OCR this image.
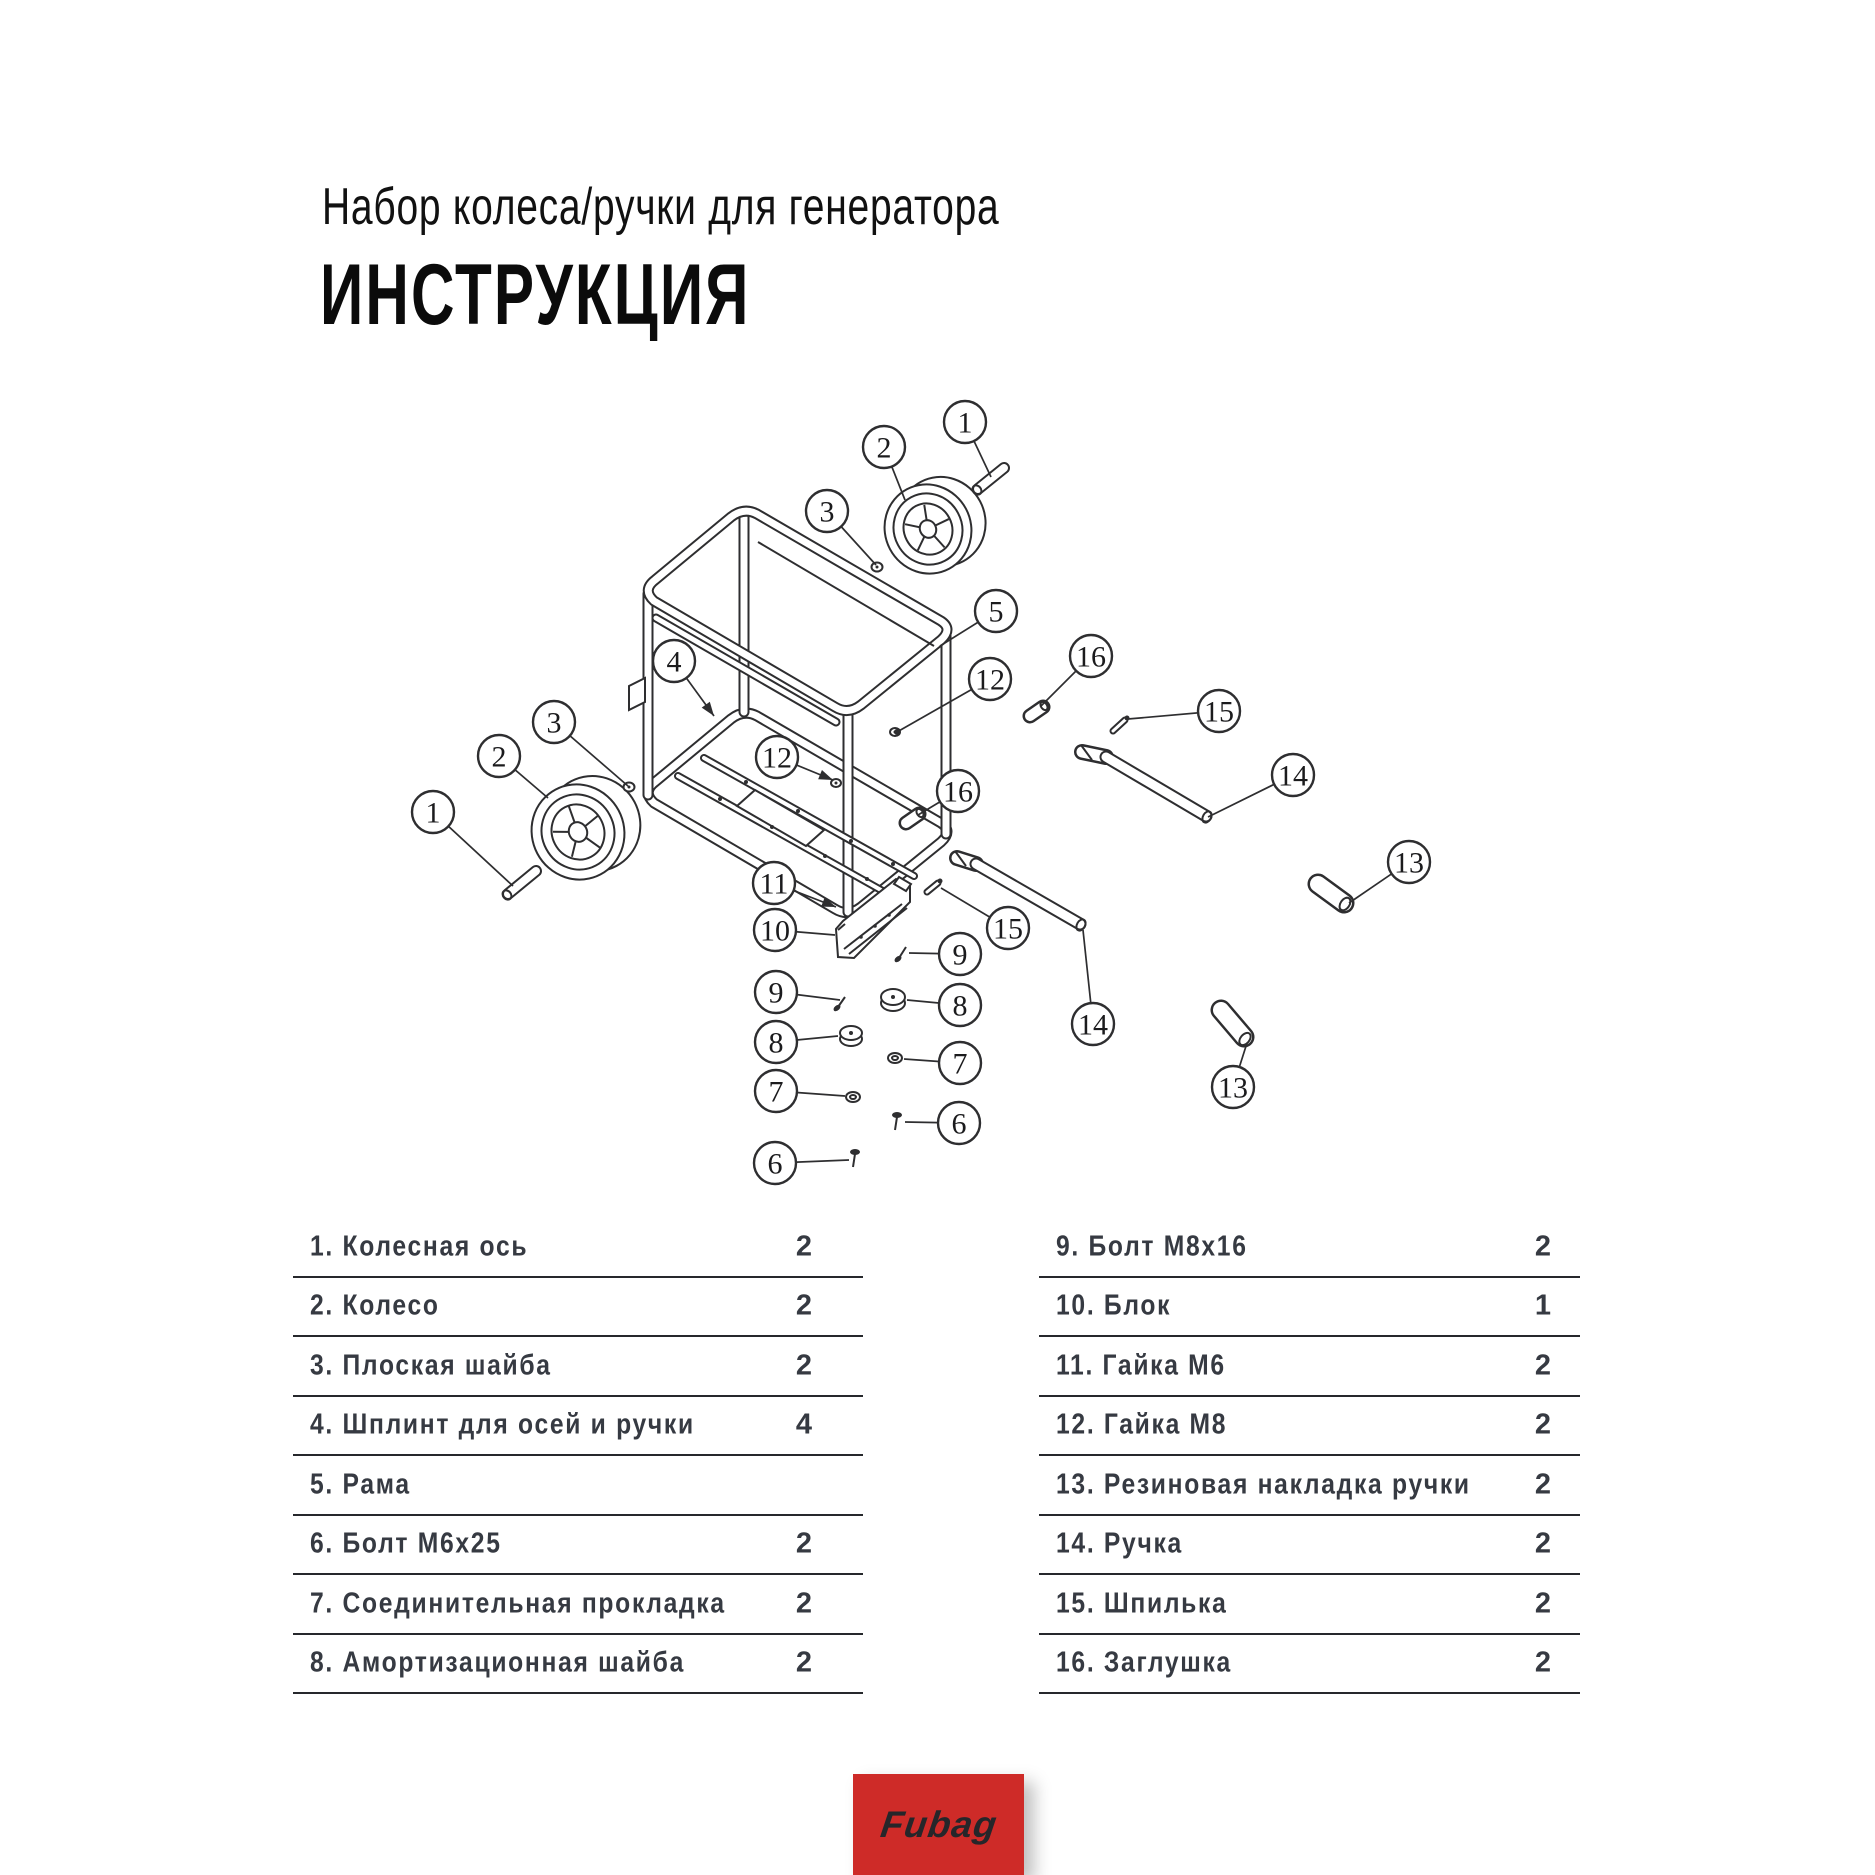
Набор колеса/ручки для генератора
ИНСТРУКЦИЯ
1
2
3
5
12
16
15
14
13
4
3
2
1
12
16
11
10	15
9
8
7
6
9
8
7
6
14
13
1. Колесная ось	2
2. Колесо	2
3. Плоская шайба	2
4. Шплинт для осей и ручки	4
5. Рама
6. Болт М6х25	2
7. Соединительная прокладка 2
8. Амортизационная шайба	2
9. Болт М8х16	2
10. Блок	1
11. Гайка М6	2
12. Гайка М8	2
13. Резиновая накладка ручки 2
14. Ручка	2
15. Шпилька	2
16. Заглушка	2
Fubag
